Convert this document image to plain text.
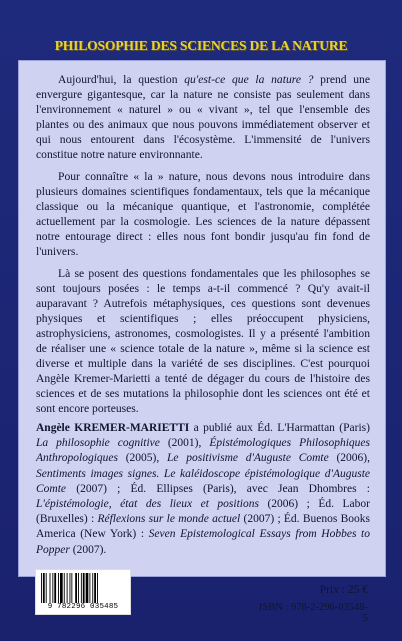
PHILOSOPHIE DES SCIENCES DE LA NATURE

Aujourd'hui, la question qu'est-ce que la nature ? prend une envergure gigantesque, car la nature ne consiste pas seulement dans l'environnement « naturel » ou « vivant », tel que l'ensemble des plantes ou des animaux que nous pouvons immédiatement observer et qui nous entourent dans l'écosystème. L'immensité de l'univers constitue notre nature environnante.

Pour connaître « la » nature, nous devons nous introduire dans plusieurs domaines scientifiques fondamentaux, tels que la mécanique classique ou la mécanique quantique, et l'astronomie, complétée actuellement par la cosmologie. Les sciences de la nature dépassent notre entourage direct : elles nous font bondir jusqu'au fin fond de l'univers.

Là se posent des questions fondamentales que les philosophes se sont toujours posées : le temps a-t-il commencé ? Qu'y avait-il auparavant ? Autrefois métaphysiques, ces questions sont devenues physiques et scientifiques ; elles préoccupent physiciens, astrophysiciens, astronomes, cosmologistes. Il y a présenté l'ambition de réaliser une « science totale de la nature », même si la science est diverse et multiple dans la variété de ses disciplines. C'est pourquoi Angèle Kremer-Marietti a tenté de dégager du cours de l'histoire des sciences et de ses mutations la philosophie dont les sciences ont été et sont encore porteuses.

Angèle KREMER-MARIETTI a publié aux Éd. L'Harmattan (Paris) La philosophie cognitive (2001), Épistémologiques Philosophiques Anthropologiques (2005), Le positivisme d'Auguste Comte (2006), Sentiments images signes. Le kaléidoscope épistémologique d'Auguste Comte (2007) ; Éd. Ellipses (Paris), avec Jean Dhombres : L'épistémologie, état des lieux et positions (2006) ; Éd. Labor (Bruxelles) : Réflexions sur le monde actuel (2007) ; Éd. Buenos Books America (New York) : Seven Epistemological Essays from Hobbes to Popper (2007).

9 782296 035485
Prix : 25 €
ISBN : 978-2-296-03548-5
